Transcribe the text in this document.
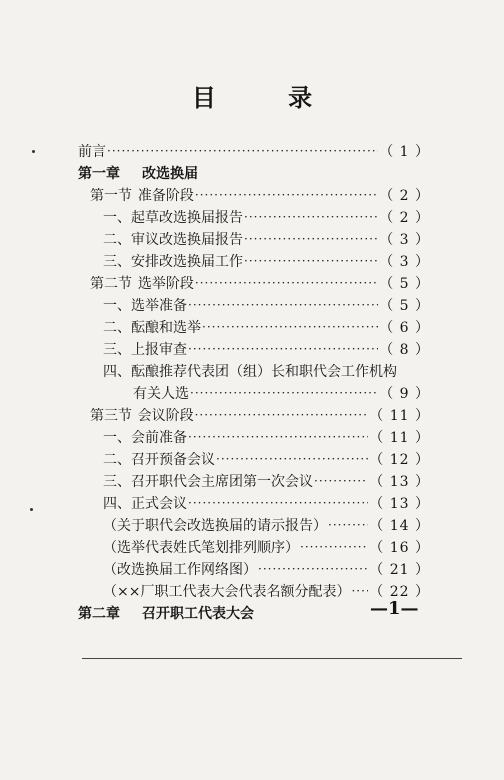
目 录
前言 ·····	（ 1 ）
第一章 改选换届
第一节 准备阶段 ·····	（ 2 ）
一、起草改选换届报告 ·····	（ 2 ）
二、审议改选换届报告 ·····	（ 3 ）
三、安排改选换届工作 ·····	（ 3 ）
第二节 选举阶段 ·····	（ 5 ）
一、选举准备 ·····	（ 5 ）
二、酝酿和选举 ·····	（ 6 ）
三、上报审查 ·····	（ 8 ）
四、酝酿推荐代表团（组）长和职代会工作机构
有关人选 ·····	（ 9 ）
第三节 会议阶段 ·····	（ 11 ）
一、会前准备 ·····	（ 11 ）
二、召开预备会议 ·····	（ 12 ）
三、召开职代会主席团第一次会议 ·····	（ 13 ）
四、正式会议 ·····	（ 13 ）
（关于职代会改选换届的请示报告） ·····	（ 14 ）
（选举代表姓氏笔划排列顺序） ·····	（ 16 ）
（改选换届工作网络图） ·····	（ 21 ）
（××厂职工代表大会代表名额分配表） ····· （ 22 ）
第二章 召开职工代表大会	—1—
